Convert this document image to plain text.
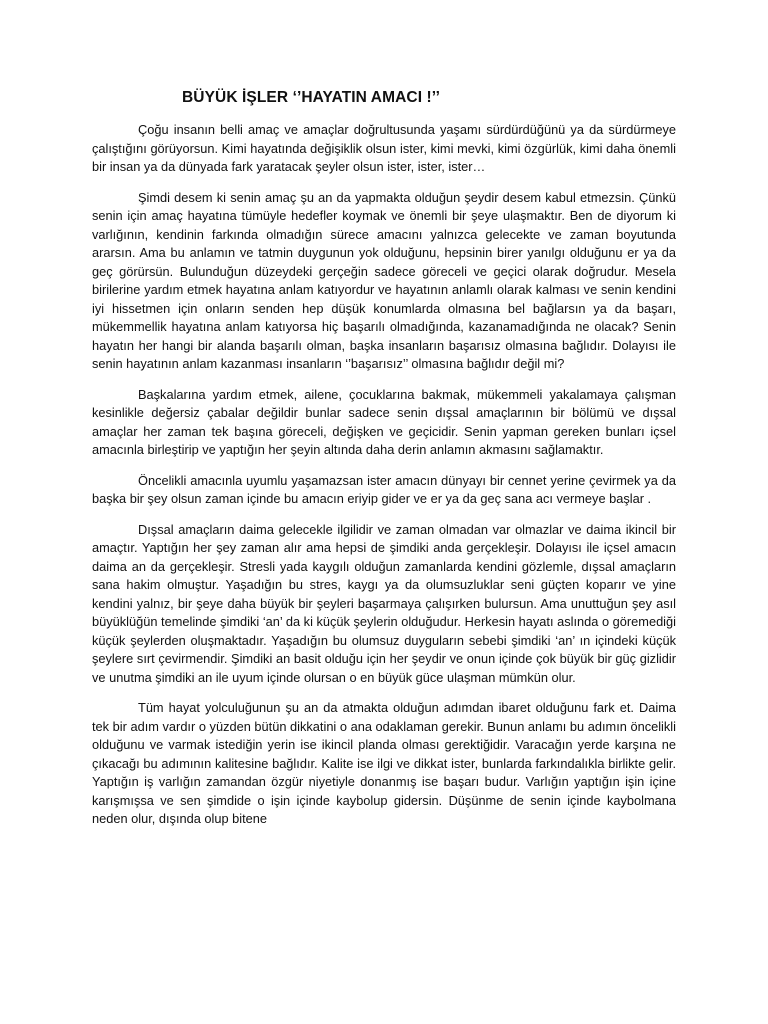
BÜYÜK İŞLER ‘’HAYATIN AMACI !’’

Çoğu insanın belli amaç ve amaçlar doğrultusunda yaşamı sürdürdüğünü ya da sürdürmeye çalıştığını görüyorsun. Kimi hayatında değişiklik olsun ister, kimi mevki, kimi özgürlük, kimi daha önemli bir insan ya da dünyada fark yaratacak şeyler olsun ister, ister, ister…

Şimdi desem ki senin amaç şu an da yapmakta olduğun şeydir desem kabul etmezsin. Çünkü senin için amaç hayatına tümüyle hedefler koymak ve önemli bir şeye ulaşmaktır. Ben de diyorum ki varlığının, kendinin farkında olmadığın sürece amacını yalnızca gelecekte ve zaman boyutunda ararsın. Ama bu anlamın ve tatmin duygunun yok olduğunu, hepsinin birer yanılgı olduğunu er ya da geç görürsün. Bulunduğun düzeydeki gerçeğin sadece göreceli ve geçici olarak doğrudur. Mesela birilerine yardım etmek hayatına anlam katıyordur ve hayatının anlamlı olarak kalması ve senin kendini iyi hissetmen için onların senden hep düşük konumlarda olmasına bel bağlarsın ya da başarı, mükemmellik hayatına anlam katıyorsa hiç başarılı olmadığında, kazanamadığında ne olacak? Senin hayatın her hangi bir alanda başarılı olman, başka insanların başarısız olmasına bağlıdır. Dolayısı ile senin hayatının anlam kazanması insanların ‘’başarısız’’ olmasına bağlıdır değil mi?

Başkalarına yardım etmek, ailene, çocuklarına bakmak, mükemmeli yakalamaya çalışman kesinlikle değersiz çabalar değildir bunlar sadece senin dışsal amaçlarının bir bölümü ve dışsal amaçlar her zaman tek başına göreceli, değişken ve geçicidir. Senin yapman gereken bunları içsel amacınla birleştirip ve yaptığın her şeyin altında daha derin anlamın akmasını sağlamaktır.

Öncelikli amacınla uyumlu yaşamazsan ister amacın dünyayı bir cennet yerine çevirmek ya da başka bir şey olsun zaman içinde bu amacın eriyip gider ve er ya da geç sana acı vermeye başlar .

Dışsal amaçların daima gelecekle ilgilidir ve zaman olmadan var olmazlar ve daima ikincil bir amaçtır. Yaptığın her şey zaman alır ama hepsi de şimdiki anda gerçekleşir. Dolayısı ile içsel amacın daima an da gerçekleşir. Stresli yada kaygılı olduğun zamanlarda kendini gözlemle, dışsal amaçların sana hakim olmuştur. Yaşadığın bu stres, kaygı ya da olumsuzluklar seni güçten koparır ve yine kendini yalnız, bir şeye daha büyük bir şeyleri başarmaya çalışırken bulursun. Ama unuttuğun şey asıl büyüklüğün temelinde şimdiki ‘an’ da ki küçük şeylerin olduğudur. Herkesin hayatı aslında o göremediği küçük şeylerden oluşmaktadır. Yaşadığın bu olumsuz duyguların sebebi şimdiki ‘an’ ın içindeki küçük şeylere sırt çevirmendir. Şimdiki an basit olduğu için her şeydir ve onun içinde çok büyük bir güç gizlidir ve unutma şimdiki an ile uyum içinde olursan o en büyük güce ulaşman mümkün olur.

Tüm hayat yolculuğunun şu an da atmakta olduğun adımdan ibaret olduğunu fark et. Daima tek bir adım vardır o yüzden bütün dikkatini o ana odaklaman gerekir. Bunun anlamı bu adımın öncelikli olduğunu ve varmak istediğin yerin ise ikincil planda olması gerektiğidir. Varacağın yerde karşına ne çıkacağı bu adımının kalitesine bağlıdır. Kalite ise ilgi ve dikkat ister, bunlarda farkındalıkla birlikte gelir. Yaptığın iş varlığın zamandan özgür niyetiyle donanmış ise başarı budur. Varlığın yaptığın işin içine karışmışsa ve sen şimdide o işin içinde kaybolup gidersin. Düşünme de senin içinde kaybolmana neden olur, dışında olup bitene
